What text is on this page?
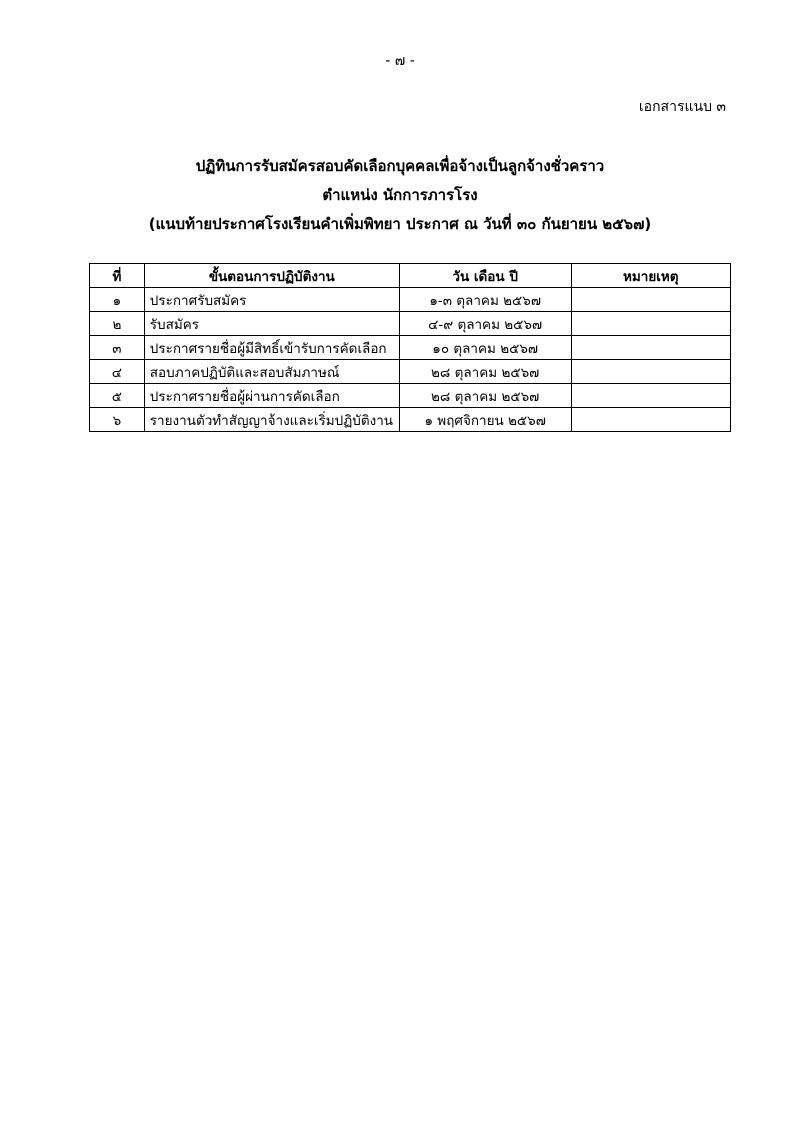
- ๗ -
เอกสารแนบ ๓
ปฏิทินการรับสมัครสอบคัดเลือกบุคคลเพื่อจ้างเป็นลูกจ้างชั่วคราว
ตำแหน่ง นักการภารโรง
(แนบท้ายประกาศโรงเรียนคำเพิ่มพิทยา ประกาศ ณ วันที่ ๓๐ กันยายน ๒๕๖๗)
ที่	ขั้นตอนการปฏิบัติงาน	วัน เดือน ปี	หมายเหตุ
๑	ประกาศรับสมัคร	๑-๓ ตุลาคม ๒๕๖๗	
๒	รับสมัคร	๔-๙ ตุลาคม ๒๕๖๗	
๓	ประกาศรายชื่อผู้มีสิทธิ์เข้ารับการคัดเลือก	๑๐ ตุลาคม ๒๕๖๗	
๔	สอบภาคปฏิบัติและสอบสัมภาษณ์	๒๘ ตุลาคม ๒๕๖๗	
๕	ประกาศรายชื่อผู้ผ่านการคัดเลือก	๒๘ ตุลาคม ๒๕๖๗	
๖	รายงานตัวทำสัญญาจ้างและเริ่มปฏิบัติงาน	๑ พฤศจิกายน ๒๕๖๗	
